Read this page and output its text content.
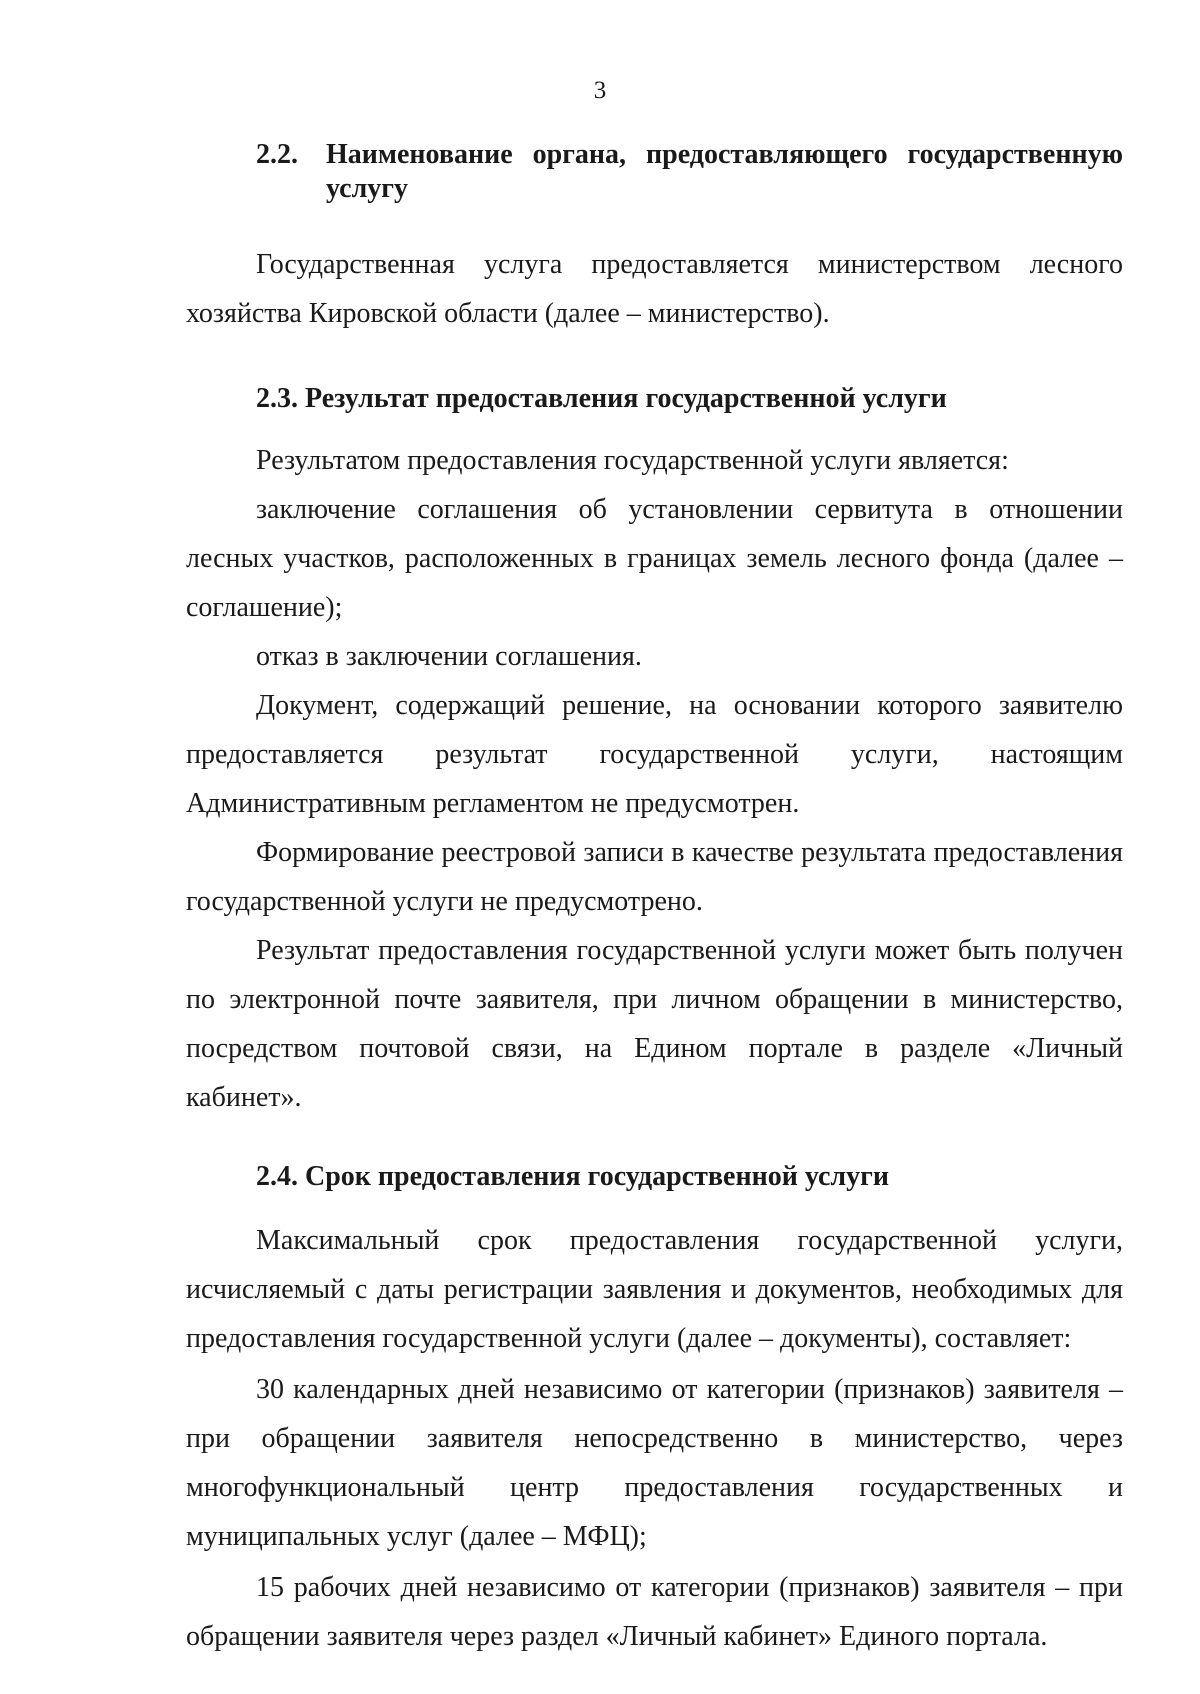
3
2.2.	Наименование органа, предоставляющего государственную услугу

Государственная услуга предоставляется министерством лесного хозяйства Кировской области (далее – министерство).

2.3. Результат предоставления государственной услуги

Результатом предоставления государственной услуги является:

заключение соглашения об установлении сервитута в отношении лесных участков, расположенных в границах земель лесного фонда (далее – соглашение);

отказ в заключении соглашения.

Документ, содержащий решение, на основании которого заявителю предоставляется результат государственной услуги, настоящим Административным регламентом не предусмотрен.

Формирование реестровой записи в качестве результата предоставления государственной услуги не предусмотрено.

Результат предоставления государственной услуги может быть получен по электронной почте заявителя, при личном обращении в министерство, посредством почтовой связи, на Едином портале в разделе «Личный кабинет».

2.4. Срок предоставления государственной услуги

Максимальный срок предоставления государственной услуги, исчисляемый с даты регистрации заявления и документов, необходимых для предоставления государственной услуги (далее – документы), составляет:

30 календарных дней независимо от категории (признаков) заявителя – при обращении заявителя непосредственно в министерство, через многофункциональный центр предоставления государственных и муниципальных услуг (далее – МФЦ);

15 рабочих дней независимо от категории (признаков) заявителя – при обращении заявителя через раздел «Личный кабинет» Единого портала.
